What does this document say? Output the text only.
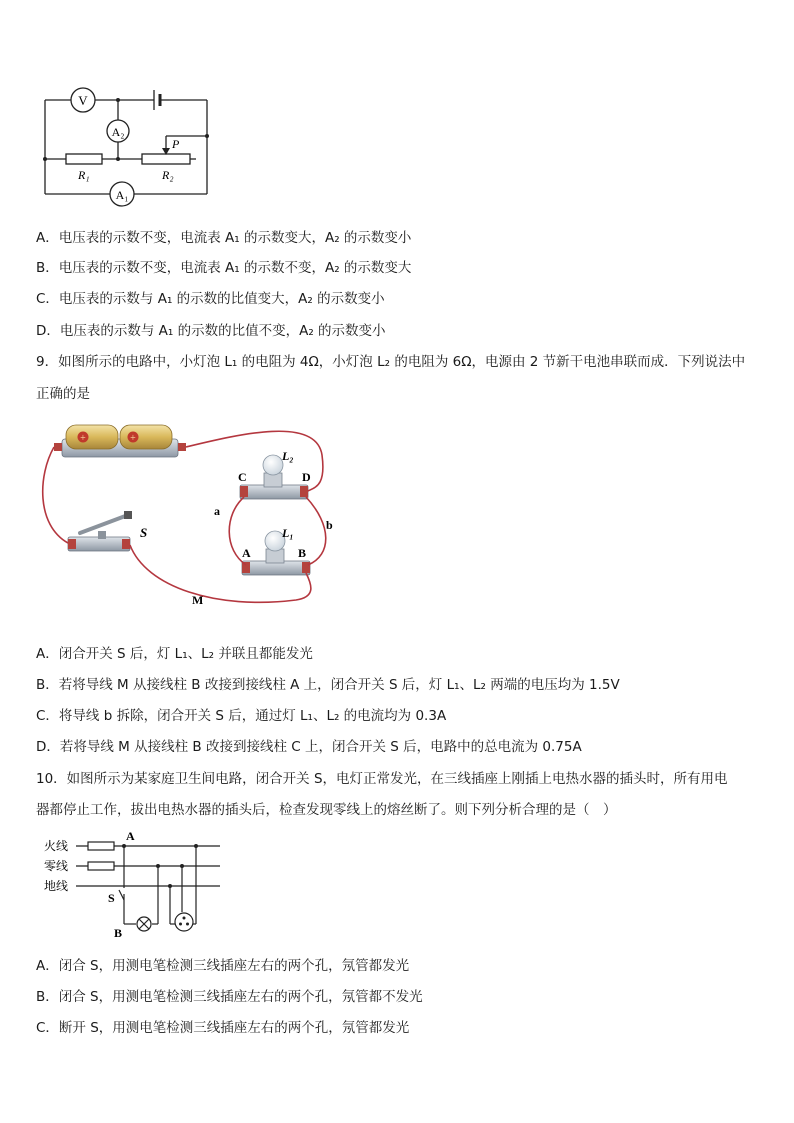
V
A₂
A₁
P
R₁	R₂
A．电压表的示数不变，电流表 A₁ 的示数变大，A₂ 的示数变小
B．电压表的示数不变，电流表 A₁ 的示数不变，A₂ 的示数变大
C．电压表的示数与 A₁ 的示数的比值变大，A₂ 的示数变小
D．电压表的示数与 A₁ 的示数的比值不变，A₂ 的示数变小
9．如图所示的电路中，小灯泡 L₁ 的电阻为 4Ω，小灯泡 L₂ 的电阻为 6Ω，电源由 2 节新干电池串联而成．下列说法中
正确的是
+	+
S
L₂
L₁
C	D
A	B
a
b
M
A．闭合开关 S 后，灯 L₁、L₂ 并联且都能发光
B．若将导线 M 从接线柱 B 改接到接线柱 A 上，闭合开关 S 后，灯 L₁、L₂ 两端的电压均为 1.5V
C．将导线 b 拆除，闭合开关 S 后，通过灯 L₁、L₂ 的电流均为 0.3A
D．若将导线 M 从接线柱 B 改接到接线柱 C 上，闭合开关 S 后，电路中的总电流为 0.75A
10．如图所示为某家庭卫生间电路，闭合开关 S，电灯正常发光，在三线插座上刚插上电热水器的插头时，所有用电
器都停止工作，拔出电热水器的插头后，检查发现零线上的熔丝断了。则下列分析合理的是（　）
火线
零线
地线
A
S
B
A．闭合 S，用测电笔检测三线插座左右的两个孔，氖管都发光
B．闭合 S，用测电笔检测三线插座左右的两个孔，氖管都不发光
C．断开 S，用测电笔检测三线插座左右的两个孔，氖管都发光
